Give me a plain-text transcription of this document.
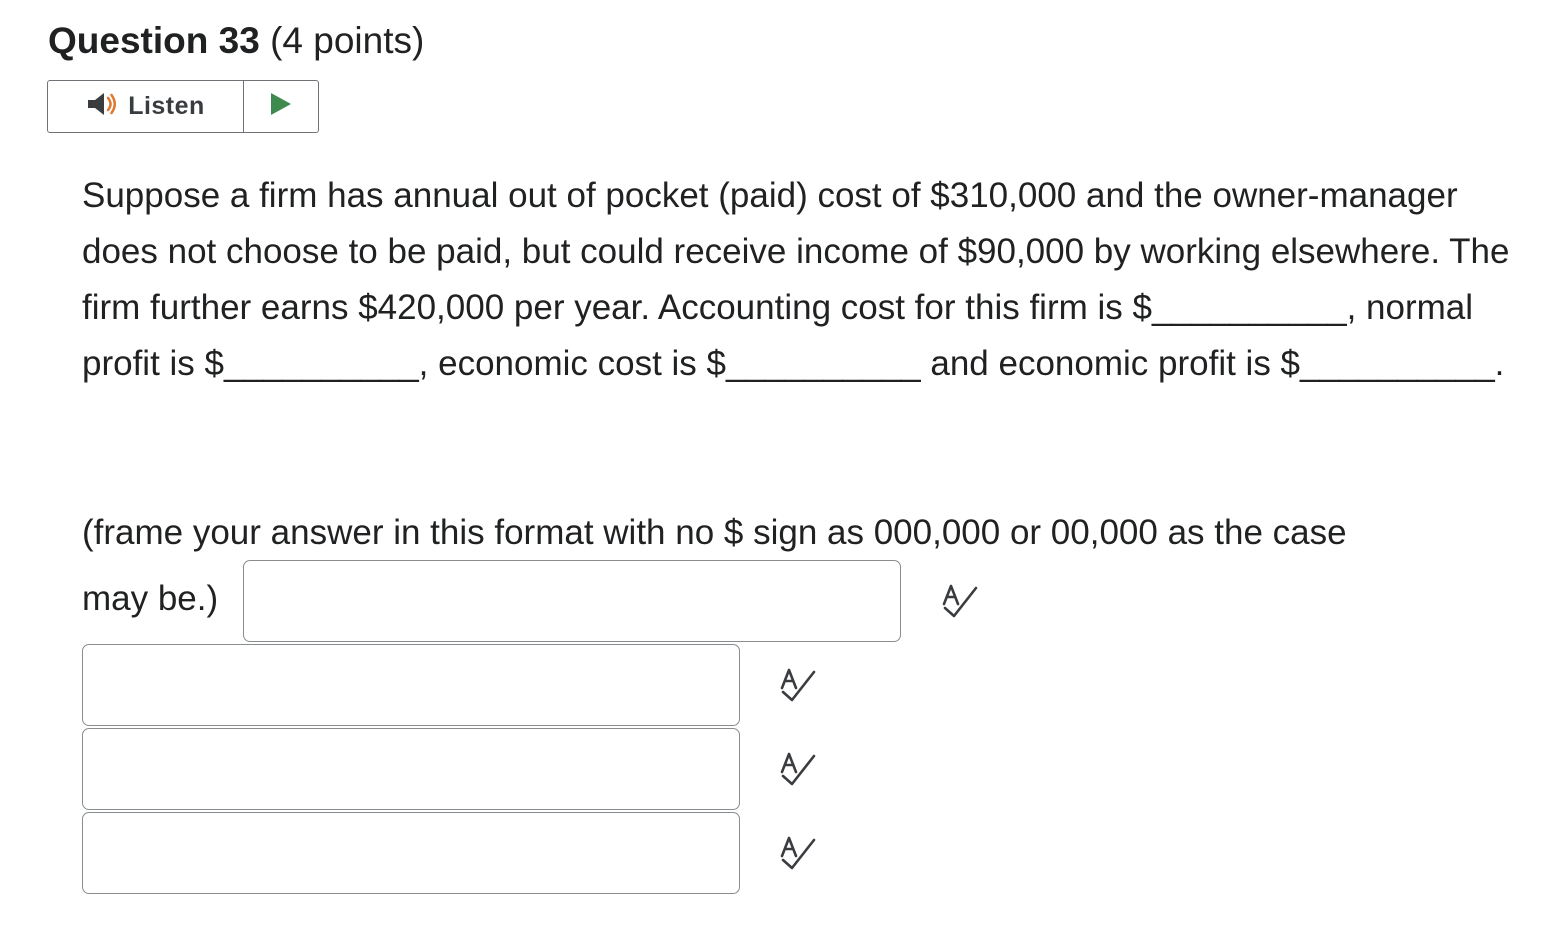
Question 33 (4 points)
Listen

Suppose a firm has annual out of pocket (paid) cost of $310,000 and the owner-manager does not choose to be paid, but could receive income of $90,000 by working elsewhere. The firm further earns $420,000 per year. Accounting cost for this firm is $__________, normal profit is $__________, economic cost is $__________ and economic profit is $__________.

(frame your answer in this format with no $ sign as 000,000 or 00,000 as the case
may be.)
